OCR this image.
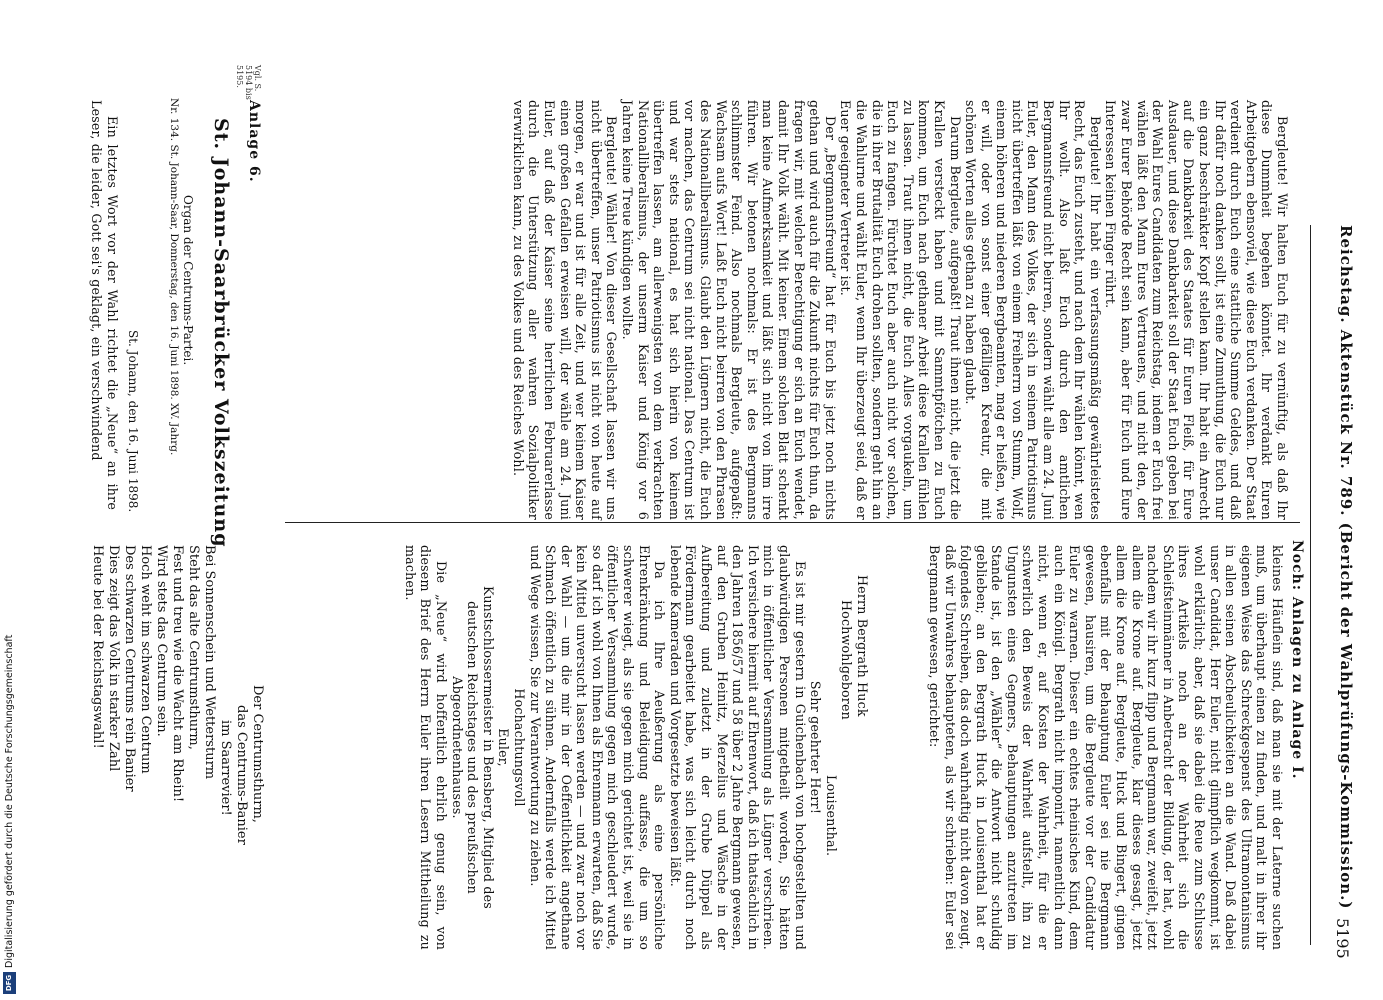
Reichstag. Aktenstück Nr. 789. (Bericht der Wahlprüfungs-Kommission.)
5195

Bergleute! Wir halten Euch für zu vernünftig, als daß Ihr diese Dummheit begehen könntet. Ihr verdankt Euren Arbeitgebern ebensoviel, wie diese Euch verdanken. Der Staat verdient durch Euch eine stattliche Summe Geldes, und daß Ihr dafür noch danken sollt, ist eine Zumuthung, die Euch nur ein ganz beschränkter Kopf stellen kann. Ihr habt ein Anrecht auf die Dankbarkeit des Staates für Euren Fleiß, für Eure Ausdauer, und diese Dankbarkeit soll der Staat Euch geben bei der Wahl Eures Candidaten zum Reichstag, indem er Euch frei wählen läßt den Mann Eures Vertrauens, und nicht den, der zwar Eurer Behörde Recht sein kann, aber für Euch und Eure Interessen keinen Finger rührt.

Bergleute! Ihr habt ein verfassungsmäßig gewährleistetes Recht, das Euch zusteht, und nach dem Ihr wählen könnt, wen Ihr wollt. Also laßt Euch durch den amtlichen Bergmannsfreund nicht beirren, sondern wählt alle am 24. Juni Euler, den Mann des Volkes, der sich in seinem Patriotismus nicht übertreffen läßt von einem Freiherrn von Stumm, Wolf, einem höheren und niederen Bergbeamten, mag er heißen, wie er will, oder von sonst einer gefälligen Kreatur, die mit schönen Worten alles gethan zu haben glaubt.

Darum Bergleute, aufgepaßt! Traut ihnen nicht, die jetzt die Krallen versteckt haben und mit Sammtpfötchen zu Euch kommen, um Euch nach gethaner Arbeit diese Krallen fühlen zu lassen. Traut ihnen nicht, die Euch Alles vorgaukeln, um Euch zu fangen. Fürchtet Euch aber auch nicht vor solchen, die in ihrer Brutalität Euch drohen sollten, sondern geht hin an die Wahlurne und wählt Euler, wenn Ihr überzeugt seid, daß er Euer geeigneter Vertreter ist.

Der „Bergmannsfreund“ hat für Euch bis jetzt noch nichts gethan und wird auch für die Zukunft nichts für Euch thun, da fragen wir, mit welcher Berechtigung er sich an Euch wendet, damit Ihr Volk wählt. Mit keiner. Einem solchen Blatt schenkt man keine Aufmerksamkeit und läßt sich nicht von ihm irre führen. Wir betonen nochmals: Er ist des Bergmanns schlimmster Feind. Also nochmals Bergleute, aufgepaßt: Wachsam aufs Wort! Laßt Euch nicht beirren von den Phrasen des Nationalliberalismus. Glaubt den Lügnern nicht, die Euch vor machen, das Centrum sei nicht national. Das Centrum ist und war stets national, es hat sich hierin von keinem übertreffen lassen, am allerwenigsten von dem verkrachten Nationalliberalismus, der unserm Kaiser und König vor 6 Jahren keine Treue kündigen wollte.

Bergleute! Wähler! Von dieser Gesellschaft lassen wir uns nicht übertreffen, unser Patriotismus ist nicht von heute auf morgen, er war und ist für alle Zeit, und wer keinem Kaiser einen großen Gefallen erweisen will, der wähle am 24. Juni Euler, auf daß der Kaiser seine herrlichen Februarerlasse durch die Unterstützung aller wahren Sozialpolitiker verwirklichen kann, zu des Volkes und des Reiches Wohl.

Vgl. S. 5194 bis 5195.
Anlage 6.
St. Johann-Saarbrücker Volkszeitung
Organ der Centrums-Partei.
Nr. 134. St. Johann-Saar, Donnerstag, den 16. Juni 1898. XV. Jahrg.
St. Johann, den 16. Juni 1898.

Ein letztes Wort vor der Wahl richtet die „Neue“ an ihre Leser, die leider, Gott sei's geklagt, ein verschwindend

Noch: Anlagen zu Anlage I.

kleines Häuflein sind, daß man sie mit der Laterne suchen muß, um überhaupt einen zu finden, und malt in ihrer ihr eigenen Weise das Schreckgespenst des Ultramontanismus in allen seinen Abscheulichkeiten an die Wand. Daß dabei unser Candidat, Herr Euler, nicht glimpflich wegkommt, ist wohl erklärlich; aber, daß sie dabei die Reue zum Schlusse ihres Artikels noch an der Wahrheit sich die Schleifsteinmänner in Anbetracht der Bildung, der hat, wohl nachdem wir ihr kurz flipp und Bergmann war, zweifelt, jetzt allem die Krone auf. Bergleute, klar dieses gesagt, jetzt allem die Krone auf. Bergleute, Huck und Bingert, gingen ebenfalls mit der Behauptung Euler sei nie Bergmann gewesen, hausiren, um die Bergleute vor der Candidatur Euler zu warnen. Dieser ein echtes rheinisches Kind, dem auch ein Königl. Bergrath nicht imponirt, namentlich dann nicht, wenn er, auf Kosten der Wahrheit, für die er schwerlich den Beweis der Wahrheit aufstellt, ihn zu Ungunsten eines Gegners, Behauptungen anzutreten im Stande ist, ist den „Wähler“ die Antwort nicht schuldig geblieben; an den Bergrath Huck in Louisenthal hat er folgendes Schreiben, das doch wahrhaftig nicht davon zeugt, daß wir Unwahres behaupteten, als wir schrieben: Euler sei Bergmann gewesen, gerichtet:

Herrn Bergrath Huck

Hochwohlgeboren

Louisenthal.

Sehr geehrter Herr!

Es ist mir gestern in Guichenbach von hochgestellten und glaubwürdigen Personen mitgetheilt worden, Sie hätten mich in öffentlicher Versammlung als Lügner verschrieen. Ich versichere hiermit auf Ehrenwort, daß ich thatsächlich in den Jahren 1856/57 und 58 über 2 Jahre Bergmann gewesen, auf den Gruben Heinitz, Merzelius und Wäsche in der Aufbereitung und zuletzt in der Grube Düppel als Fördermann gearbeitet habe, was sich leicht durch noch lebende Kameraden und Vorgesetzte beweisen läßt.

Da ich Ihre Aeußerung als eine persönliche Ehrenkränkung und Beleidigung auffasse, die um so schwerer wiegt, als sie gegen mich gerichtet ist, weil sie in öffentlicher Versammlung gegen mich geschleudert wurde, so darf ich wohl von Ihnen als Ehrenmann erwarten, daß Sie kein Mittel unversucht lassen werden — und zwar noch vor der Wahl — um die mir in der Oeffentlichkeit angethane Schmach öffentlich zu sühnen. Andernfalls werde ich Mittel und Wege wissen, Sie zur Verantwortung zu ziehen.

Hochachtungsvoll

Euler,

Kunstschlossermeister in Bensberg, Mitglied des deutschen Reichstages und des preußischen Abgeordnetenhauses.

Die „Neue“ wird hoffentlich ehrlich genug sein, von diesem Brief des Herrn Euler ihren Lesern Mittheilung zu machen.

Der Centrumsthurm,
das Centrums-Banier
im Saarrevier!
Bei Sonnenschein und Wettersturm
Steht das alte Centrumsthurm,
Fest und treu wie die Wacht am Rhein!
Wird stets das Centrum sein.
Hoch weht im schwarzen Centrum
Des schwarzen Centrums rein Banier
Dies zeigt das Volk in starker Zahl
Heute bei der Reichstagswahl!
Digitalisierung gefördert durch die Deutsche Forschungsgemeinschaft
DFG
